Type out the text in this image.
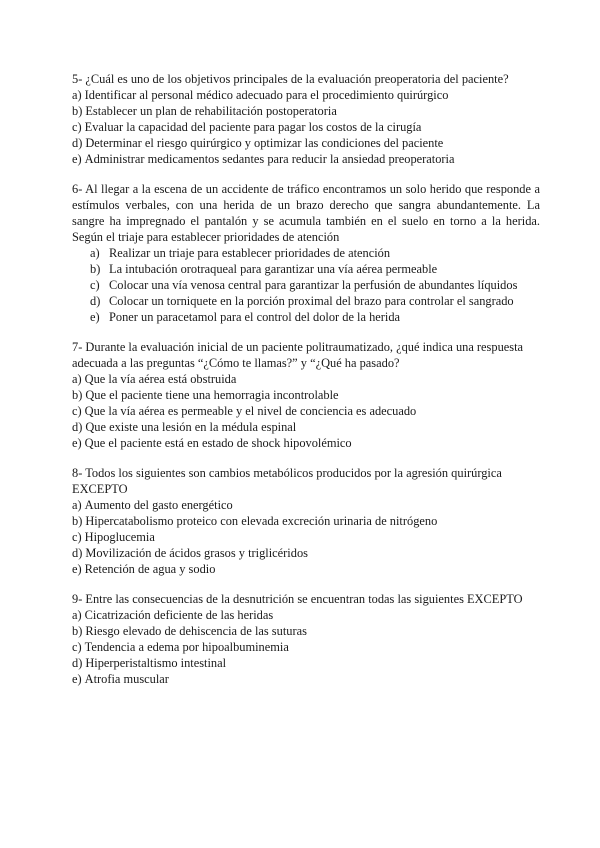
5- ¿Cuál es uno de los objetivos principales de la evaluación preoperatoria del paciente?

a) Identificar al personal médico adecuado para el procedimiento quirúrgico
b) Establecer un plan de rehabilitación postoperatoria
c) Evaluar la capacidad del paciente para pagar los costos de la cirugía
d) Determinar el riesgo quirúrgico y optimizar las condiciones del paciente
e) Administrar medicamentos sedantes para reducir la ansiedad preoperatoria

6- Al llegar a la escena de un accidente de tráfico encontramos un solo herido que responde a estímulos verbales, con una herida de un brazo derecho que sangra abundantemente. La sangre ha impregnado el pantalón y se acumula también en el suelo en torno a la herida. Según el triaje para establecer prioridades de atención

a) Realizar un triaje para establecer prioridades de atención
b) La intubación orotraqueal para garantizar una vía aérea permeable
c) Colocar una vía venosa central para garantizar la perfusión de abundantes líquidos
d) Colocar un torniquete en la porción proximal del brazo para controlar el sangrado
e) Poner un paracetamol para el control del dolor de la herida

7- Durante la evaluación inicial de un paciente politraumatizado, ¿qué indica una respuesta adecuada a las preguntas “¿Cómo te llamas?” y “¿Qué ha pasado?

a) Que la vía aérea está obstruida
b) Que el paciente tiene una hemorragia incontrolable
c) Que la vía aérea es permeable y el nivel de conciencia es adecuado
d) Que existe una lesión en la médula espinal
e) Que el paciente está en estado de shock hipovolémico

8- Todos los siguientes son cambios metabólicos producidos por la agresión quirúrgica EXCEPTO

a) Aumento del gasto energético
b) Hipercatabolismo proteico con elevada excreción urinaria de nitrógeno
c) Hipoglucemia
d) Movilización de ácidos grasos y triglicéridos
e) Retención de agua y sodio

9- Entre las consecuencias de la desnutrición se encuentran todas las siguientes EXCEPTO

a) Cicatrización deficiente de las heridas
b) Riesgo elevado de dehiscencia de las suturas
c) Tendencia a edema por hipoalbuminemia
d) Hiperperistaltismo intestinal
e) Atrofia muscular
